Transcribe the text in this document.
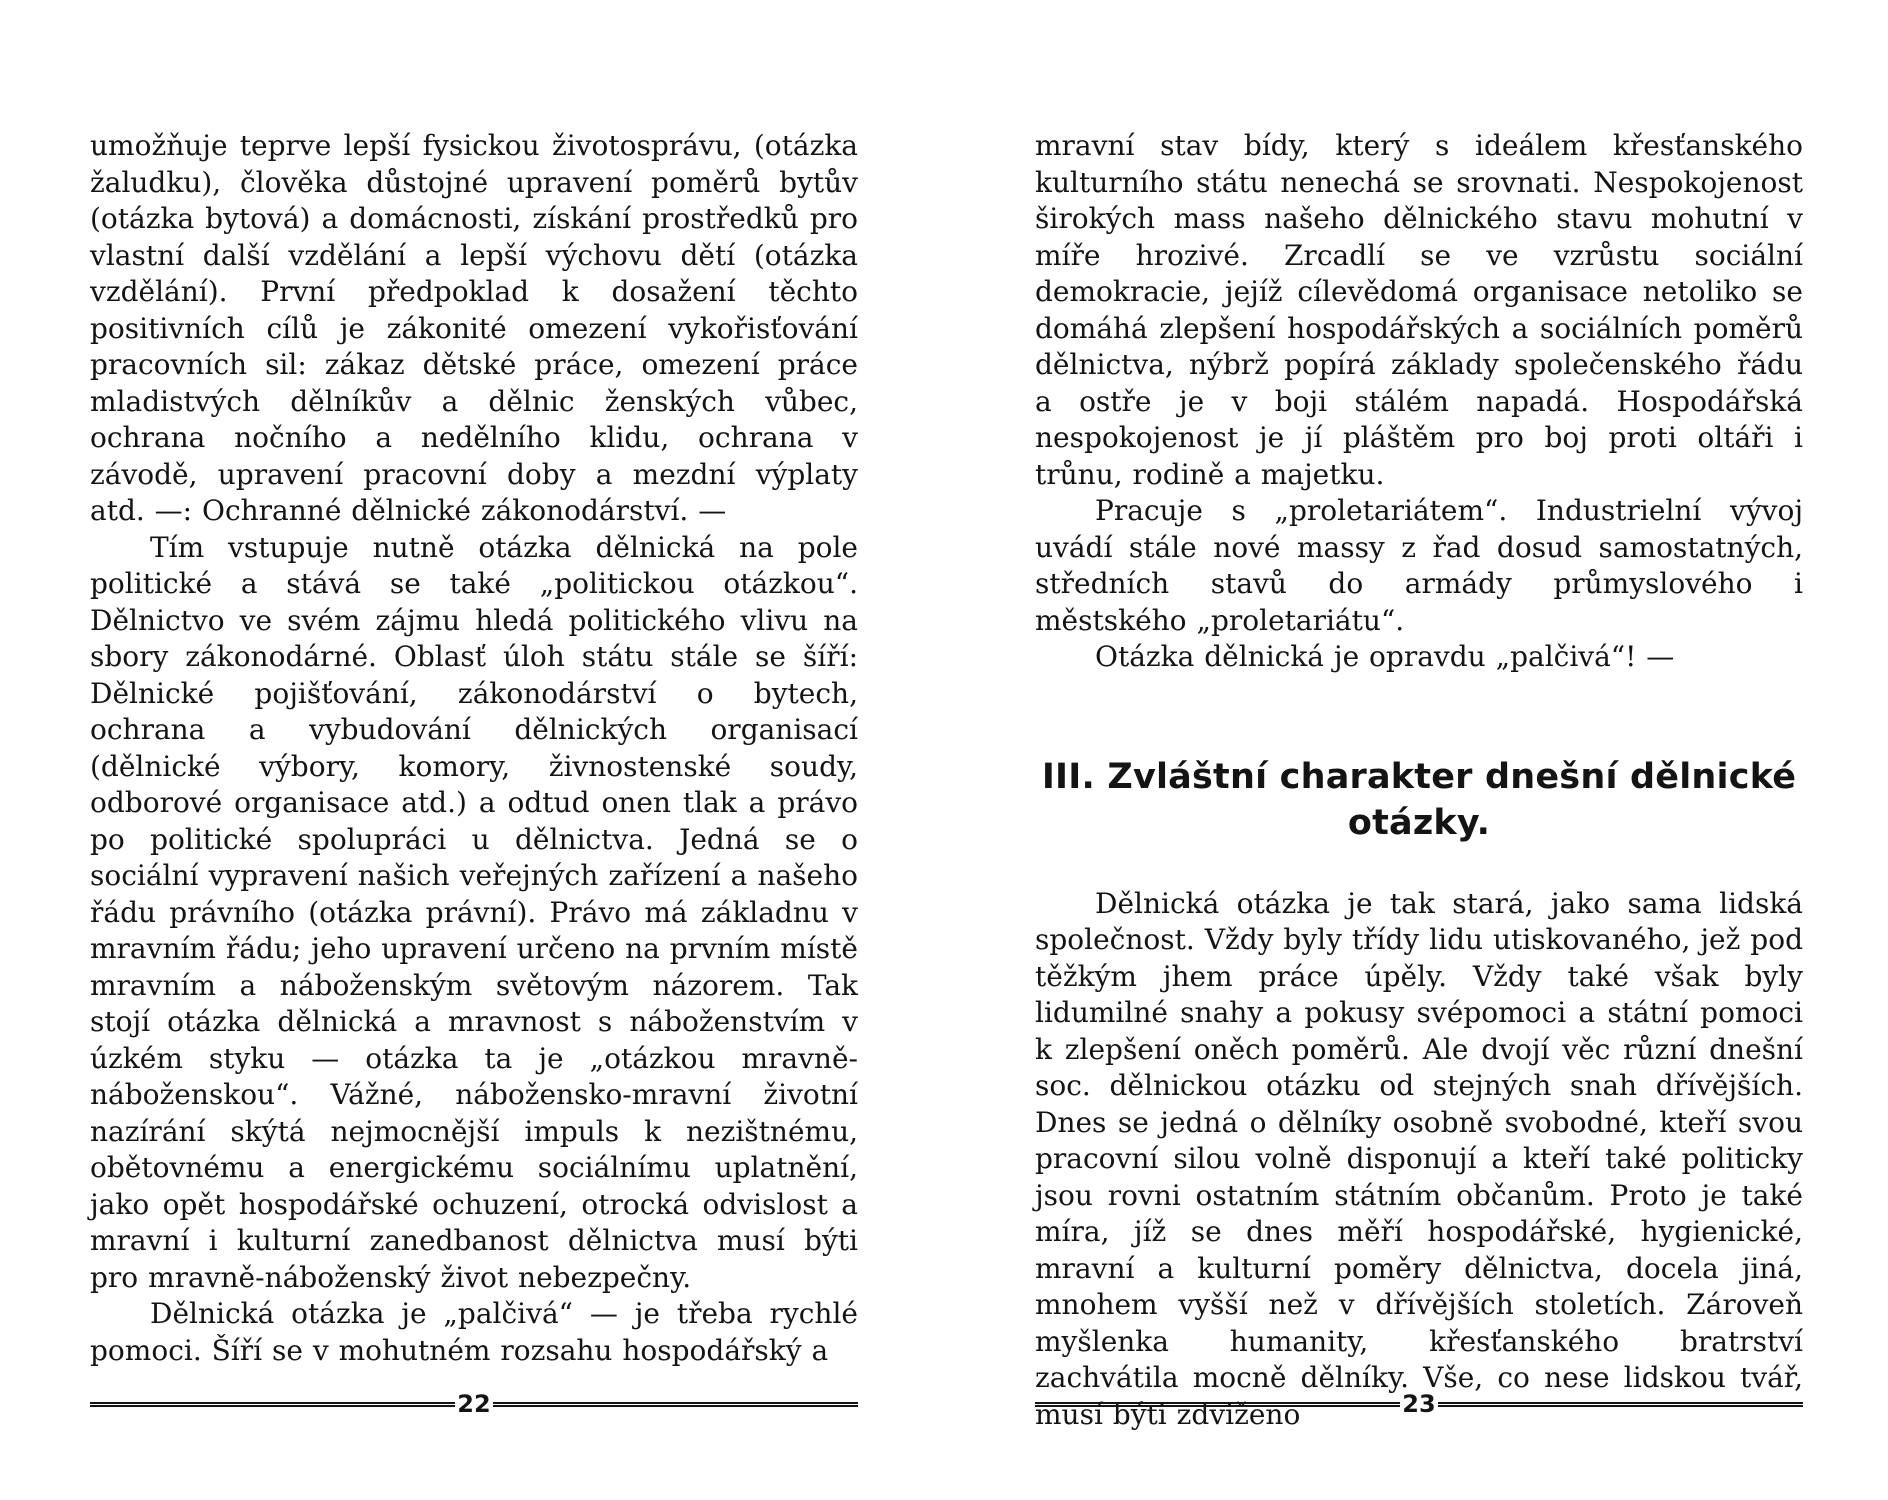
umožňuje teprve lepší fysickou životosprávu, (otázka žaludku), člověka důstojné upravení poměrů bytův (otázka bytová) a domácnosti, získání prostředků pro vlastní další vzdělání a lepší výchovu dětí (otázka vzdělání). První předpoklad k dosažení těchto positivních cílů je zákonité omezení vykořisťování pracovních sil: zákaz dětské práce, omezení práce mladistvých dělníkův a dělnic ženských vůbec, ochrana nočního a nedělního klidu, ochrana v závodě, upravení pracovní doby a mezdní výplaty atd. —: Ochranné dělnické zákonodárství. —

Tím vstupuje nutně otázka dělnická na pole politické a stává se také „politickou otázkou“. Dělnictvo ve svém zájmu hledá politického vlivu na sbory zákonodárné. Oblasť úloh státu stále se šíří: Dělnické pojišťování, zákonodárství o bytech, ochrana a vybudování dělnických organisací (dělnické výbory, komory, živnostenské soudy, odborové organisace atd.) a odtud onen tlak a právo po politické spolupráci u dělnictva. Jedná se o sociální vypravení našich veřejných zařízení a našeho řádu právního (otázka právní). Právo má základnu v mravním řádu; jeho upravení určeno na prvním místě mravním a náboženským světovým názorem. Tak stojí otázka dělnická a mravnost s náboženstvím v úzkém styku — otázka ta je „otázkou mravně-náboženskou“. Vážné, nábožensko-mravní životní nazírání skýtá nejmocnější impuls k nezištnému, obětovnému a energickému sociálnímu uplatnění, jako opět hospodářské ochuzení, otrocká odvislost a mravní i kulturní zanedbanost dělnictva musí býti pro mravně-náboženský život nebezpečny.

Dělnická otázka je „palčivá“ — je třeba rychlé pomoci. Šíří se v mohutném rozsahu hospodářský a

22

mravní stav bídy, který s ideálem křesťanského kulturního státu nenechá se srovnati. Nespokojenost širokých mass našeho dělnického stavu mohutní v míře hrozivé. Zrcadlí se ve vzrůstu sociální demokracie, jejíž cílevědomá organisace netoliko se domáhá zlepšení hospodářských a sociálních poměrů dělnictva, nýbrž popírá základy společenského řádu a ostře je v boji stálém napadá. Hospodářská nespokojenost je jí pláštěm pro boj proti oltáři i trůnu, rodině a majetku.

Pracuje s „proletariátem“. Industrielní vývoj uvádí stále nové massy z řad dosud samostatných, středních stavů do armády průmyslového i městského „proletariátu“.

Otázka dělnická je opravdu „palčivá“! —

III. Zvláštní charakter dnešní dělnické
otázky.

Dělnická otázka je tak stará, jako sama lidská společnost. Vždy byly třídy lidu utiskovaného, jež pod těžkým jhem práce úpěly. Vždy také však byly lidumilné snahy a pokusy svépomoci a státní pomoci k zlepšení oněch poměrů. Ale dvojí věc různí dnešní soc. dělnickou otázku od stejných snah dřívějších. Dnes se jedná o dělníky osobně svobodné, kteří svou pracovní silou volně disponují a kteří také politicky jsou rovni ostatním státním občanům. Proto je také míra, jíž se dnes měří hospodářské, hygienické, mravní a kulturní poměry dělnictva, docela jiná, mnohem vyšší než v dřívějších stoletích. Zároveň myšlenka humanity, křesťanského bratrství zachvátila mocně dělníky. Vše, co nese lidskou tvář, musí býti zdviženo	23
